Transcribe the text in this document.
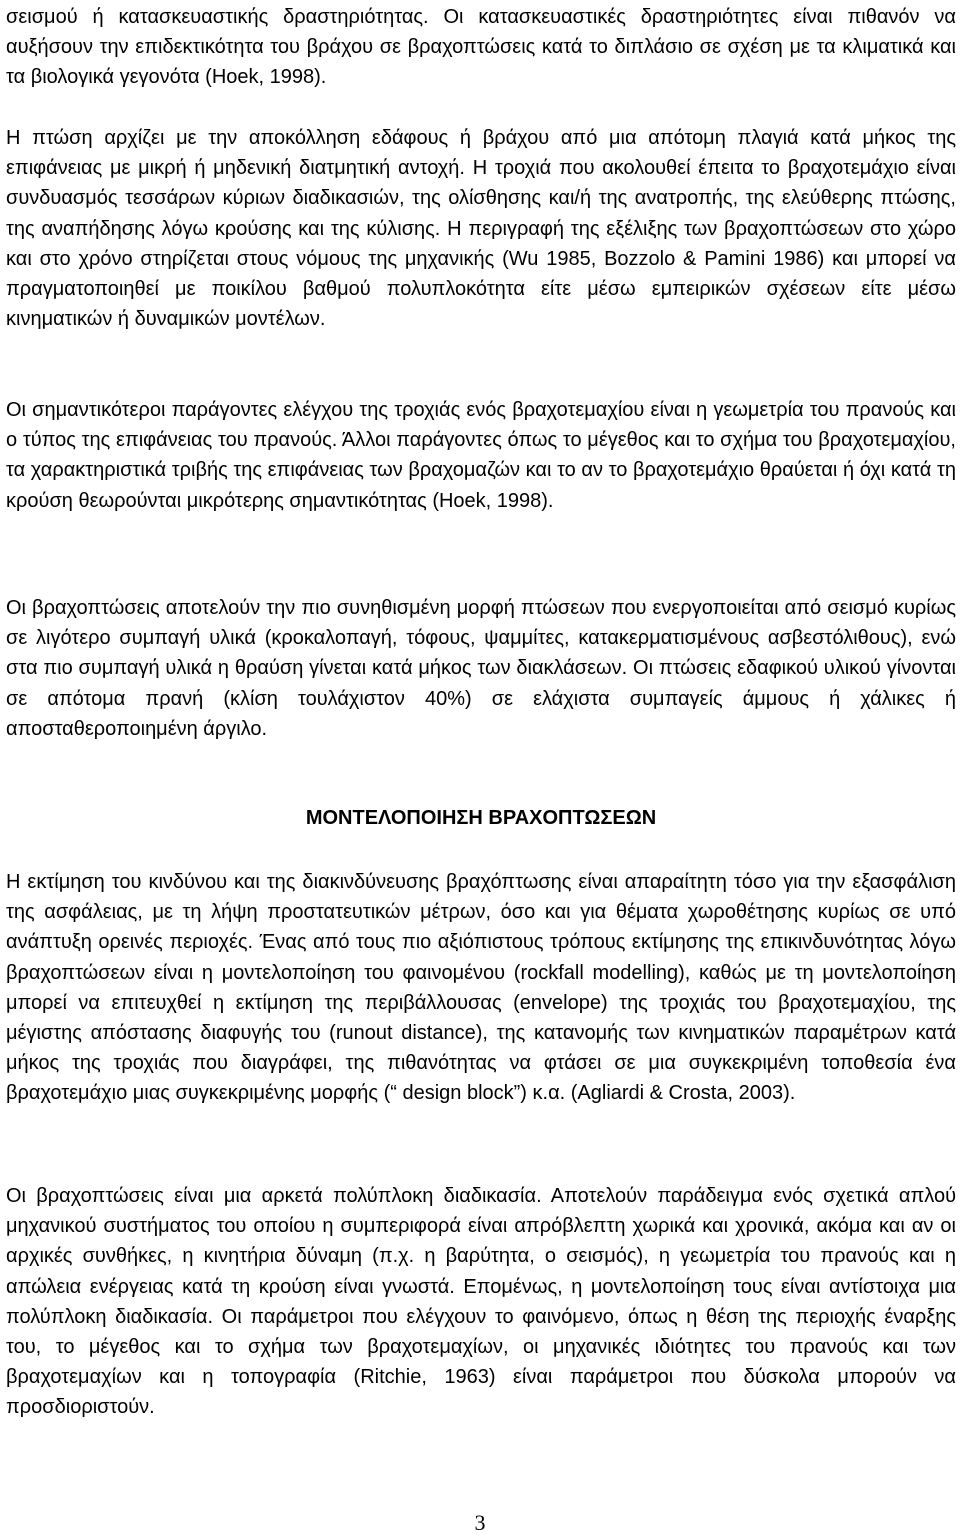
σεισμού ή κατασκευαστικής δραστηριότητας. Οι κατασκευαστικές δραστηριότητες είναι πιθανόν να αυξήσουν την επιδεκτικότητα του βράχου σε βραχοπτώσεις κατά το διπλάσιο σε σχέση με τα κλιματικά και τα βιολογικά γεγονότα (Hoek, 1998).

Η πτώση αρχίζει με την αποκόλληση εδάφους ή βράχου από μια απότομη πλαγιά κατά μήκος της επιφάνειας με μικρή ή μηδενική διατμητική αντοχή. Η τροχιά που ακολουθεί έπειτα το βραχοτεμάχιο είναι συνδυασμός τεσσάρων κύριων διαδικασιών, της ολίσθησης και/ή της ανατροπής, της ελεύθερης πτώσης, της αναπήδησης λόγω κρούσης και της κύλισης. Η περιγραφή της εξέλιξης των βραχοπτώσεων στο χώρο και στο χρόνο στηρίζεται στους νόμους της μηχανικής (Wu 1985, Bozzolo & Pamini 1986) και μπορεί να πραγματοποιηθεί με ποικίλου βαθμού πολυπλοκότητα είτε μέσω εμπειρικών σχέσεων είτε μέσω κινηματικών ή δυναμικών μοντέλων.

Οι σημαντικότεροι παράγοντες ελέγχου της τροχιάς ενός βραχοτεμαχίου είναι η γεωμετρία του πρανούς και ο τύπος της επιφάνειας του πρανούς. Άλλοι παράγοντες όπως το μέγεθος και το σχήμα του βραχοτεμαχίου, τα χαρακτηριστικά τριβής της επιφάνειας των βραχομαζών και το αν το βραχοτεμάχιο θραύεται ή όχι κατά τη κρούση θεωρούνται μικρότερης σημαντικότητας (Hoek, 1998).

Οι βραχοπτώσεις αποτελούν την πιο συνηθισμένη μορφή πτώσεων που ενεργοποιείται από σεισμό κυρίως σε λιγότερο συμπαγή υλικά (κροκαλοπαγή, τόφους, ψαμμίτες, κατακερματισμένους ασβεστόλιθους), ενώ στα πιο συμπαγή υλικά η θραύση γίνεται κατά μήκος των διακλάσεων. Οι πτώσεις εδαφικού υλικού γίνονται σε απότομα πρανή (κλίση τουλάχιστον 40%) σε ελάχιστα συμπαγείς άμμους ή χάλικες ή αποσταθεροποιημένη άργιλο.

ΜΟΝΤΕΛΟΠΟΙΗΣΗ ΒΡΑΧΟΠΤΩΣΕΩΝ

Η εκτίμηση του κινδύνου και της διακινδύνευσης βραχόπτωσης είναι απαραίτητη τόσο για την εξασφάλιση της ασφάλειας, με τη λήψη προστατευτικών μέτρων, όσο και για θέματα χωροθέτησης κυρίως σε υπό ανάπτυξη ορεινές περιοχές. Ένας από τους πιο αξιόπιστους τρόπους εκτίμησης της επικινδυνότητας λόγω βραχοπτώσεων είναι η μοντελοποίηση του φαινομένου (rockfall modelling), καθώς με τη μοντελοποίηση μπορεί να επιτευχθεί η εκτίμηση της περιβάλλουσας (envelope) της τροχιάς του βραχοτεμαχίου, της μέγιστης απόστασης διαφυγής του (runout distance), της κατανομής των κινηματικών παραμέτρων κατά μήκος της τροχιάς που διαγράφει, της πιθανότητας να φτάσει σε μια συγκεκριμένη τοποθεσία ένα βραχοτεμάχιο μιας συγκεκριμένης μορφής (“ design block”) κ.α. (Agliardi & Crosta, 2003).

Οι βραχοπτώσεις είναι μια αρκετά πολύπλοκη διαδικασία. Αποτελούν παράδειγμα ενός σχετικά απλού μηχανικού συστήματος του οποίου η συμπεριφορά είναι απρόβλεπτη χωρικά και χρονικά, ακόμα και αν οι αρχικές συνθήκες, η κινητήρια δύναμη (π.χ. η βαρύτητα, ο σεισμός), η γεωμετρία του πρανούς και η απώλεια ενέργειας κατά τη κρούση είναι γνωστά. Επομένως, η μοντελοποίηση τους είναι αντίστοιχα μια πολύπλοκη διαδικασία. Οι παράμετροι που ελέγχουν το φαινόμενο, όπως η θέση της περιοχής έναρξης του, το μέγεθος και το σχήμα των βραχοτεμαχίων, οι μηχανικές ιδιότητες του πρανούς και των βραχοτεμαχίων και η τοπογραφία (Ritchie, 1963) είναι παράμετροι που δύσκολα μπορούν να προσδιοριστούν.

3
